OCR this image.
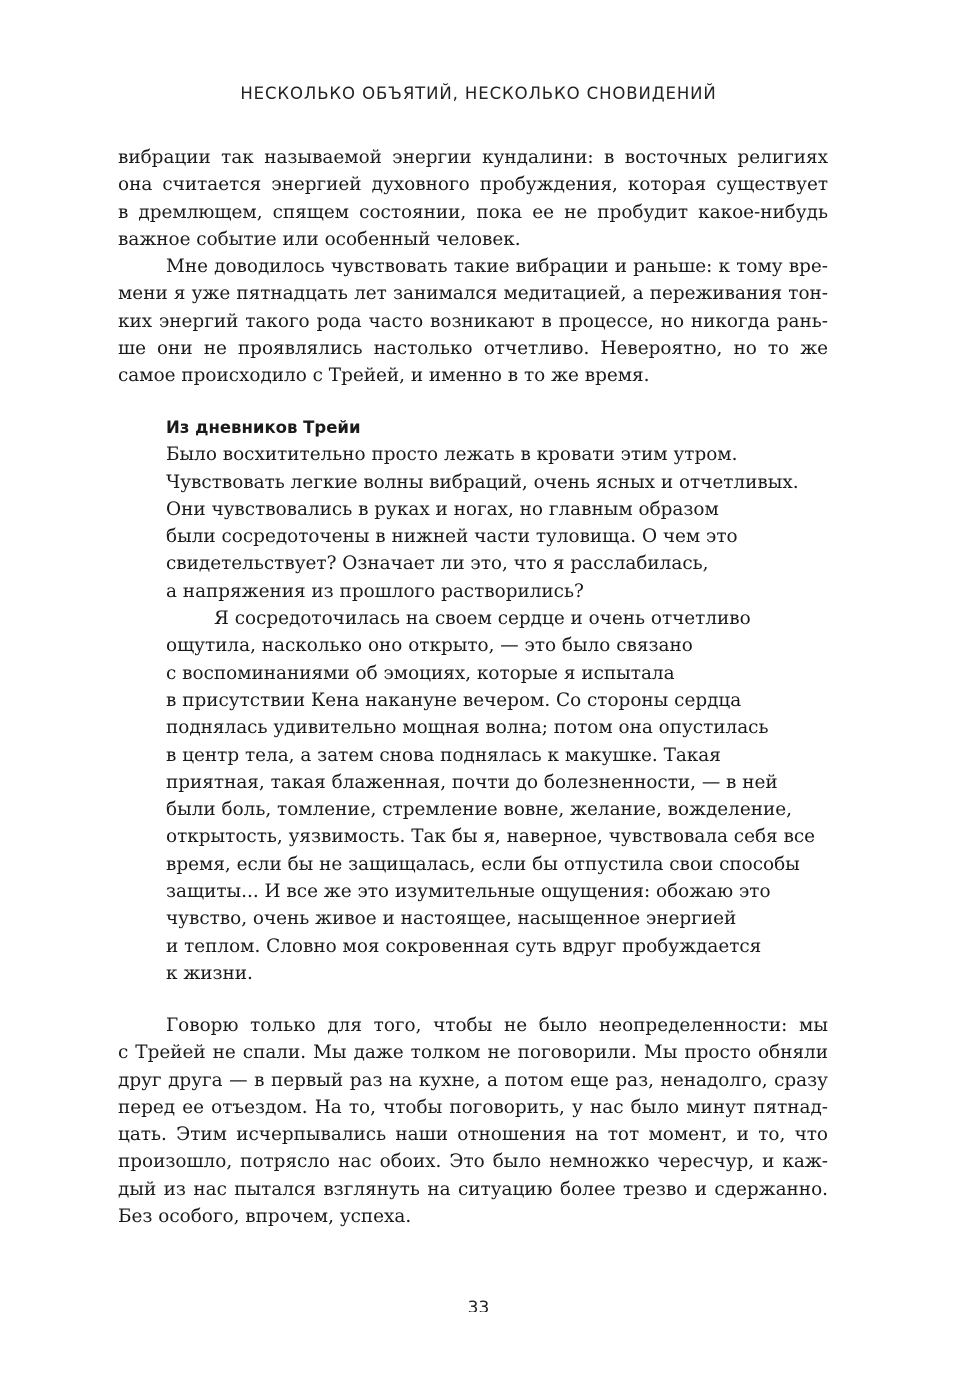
НЕСКОЛЬКО ОБЪЯТИЙ, НЕСКОЛЬКО СНОВИДЕНИЙ
вибрации так называемой энергии кундалини: в восточных религиях
она считается энергией духовного пробуждения, которая существует
в дремлющем, спящем состоянии, пока ее не пробудит какое-нибудь
важное событие или особенный человек.
Мне доводилось чувствовать такие вибрации и раньше: к тому вре-
мени я уже пятнадцать лет занимался медитацией, а переживания тон-
ких энергий такого рода часто возникают в процессе, но никогда рань-
ше они не проявлялись настолько отчетливо. Невероятно, но то же
самое происходило с Трейей, и именно в то же время.
Из дневников Трейи
Было восхитительно просто лежать в кровати этим утром.
Чувствовать легкие волны вибраций, очень ясных и отчетливых.
Они чувствовались в руках и ногах, но главным образом
были сосредоточены в нижней части туловища. О чем это
свидетельствует? Означает ли это, что я расслабилась,
а напряжения из прошлого растворились?
Я сосредоточилась на своем сердце и очень отчетливо
ощутила, насколько оно открыто, — это было связано
с воспоминаниями об эмоциях, которые я испытала
в присутствии Кена накануне вечером. Со стороны сердца
поднялась удивительно мощная волна; потом она опустилась
в центр тела, а затем снова поднялась к макушке. Такая
приятная, такая блаженная, почти до болезненности, — в ней
были боль, томление, стремление вовне, желание, вожделение,
открытость, уязвимость. Так бы я, наверное, чувствовала себя все
время, если бы не защищалась, если бы отпустила свои способы
защиты... И все же это изумительные ощущения: обожаю это
чувство, очень живое и настоящее, насыщенное энергией
и теплом. Словно моя сокровенная суть вдруг пробуждается
к жизни.
Говорю только для того, чтобы не было неопределенности: мы
с Трейей не спали. Мы даже толком не поговорили. Мы просто обняли
друг друга — в первый раз на кухне, а потом еще раз, ненадолго, сразу
перед ее отъездом. На то, чтобы поговорить, у нас было минут пятнад-
цать. Этим исчерпывались наши отношения на тот момент, и то, что
произошло, потрясло нас обоих. Это было немножко чересчур, и каж-
дый из нас пытался взглянуть на ситуацию более трезво и сдержанно.
Без особого, впрочем, успеха.
33
